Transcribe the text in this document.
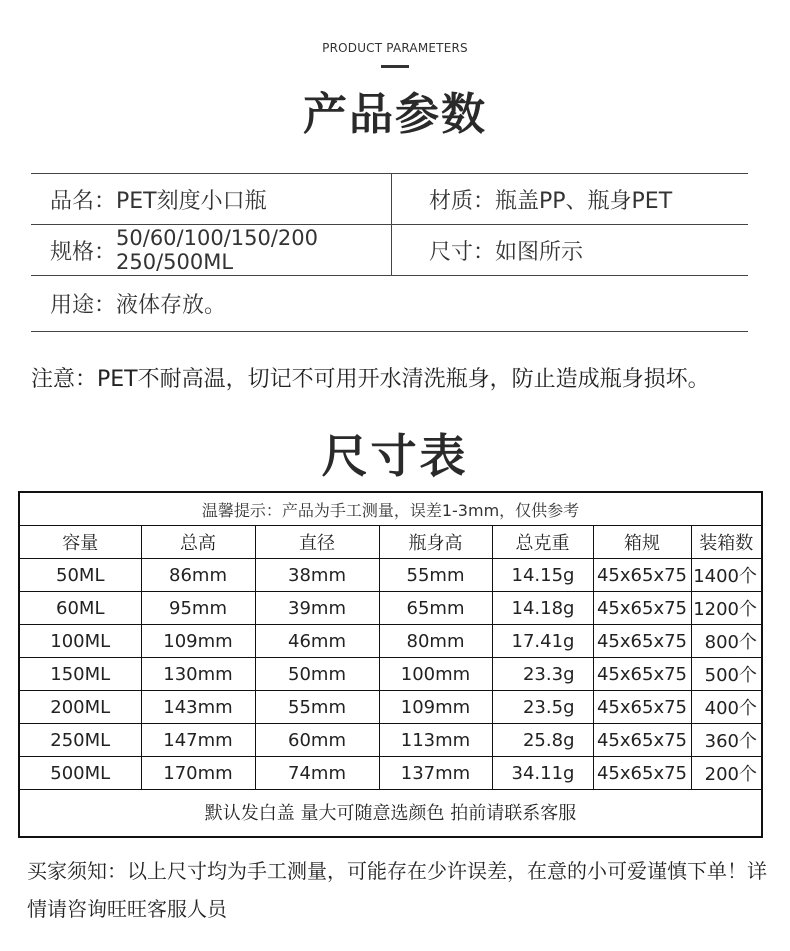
PRODUCT PARAMETERS
产品参数
品名：PET刻度小口瓶	材质：瓶盖PP、瓶身PET
规格：
50/60/100/150/200
250/500ML	尺寸：如图所示
用途：液体存放。
注意：PET不耐高温，切记不可用开水清洗瓶身，防止造成瓶身损坏。
尺寸表
温馨提示：产品为手工测量，误差1-3mm，仅供参考
容量	总高	直径	瓶身高	总克重	箱规	装箱数
50ML	86mm	38mm	55mm	14.15g	45x65x75	1400个
60ML	95mm	39mm	65mm	14.18g	45x65x75	1200个
100ML	109mm	46mm	80mm	17.41g	45x65x75	800个
150ML	130mm	50mm	100mm	23.3g	45x65x75	500个
200ML	143mm	55mm	109mm	23.5g	45x65x75	400个
250ML	147mm	60mm	113mm	25.8g	45x65x75	360个
500ML	170mm	74mm	137mm	34.11g	45x65x75	200个
默认发白盖 量大可随意选颜色 拍前请联系客服
买家须知：以上尺寸均为手工测量，可能存在少许误差，在意的小可爱谨慎下单！详情请咨询旺旺客服人员
